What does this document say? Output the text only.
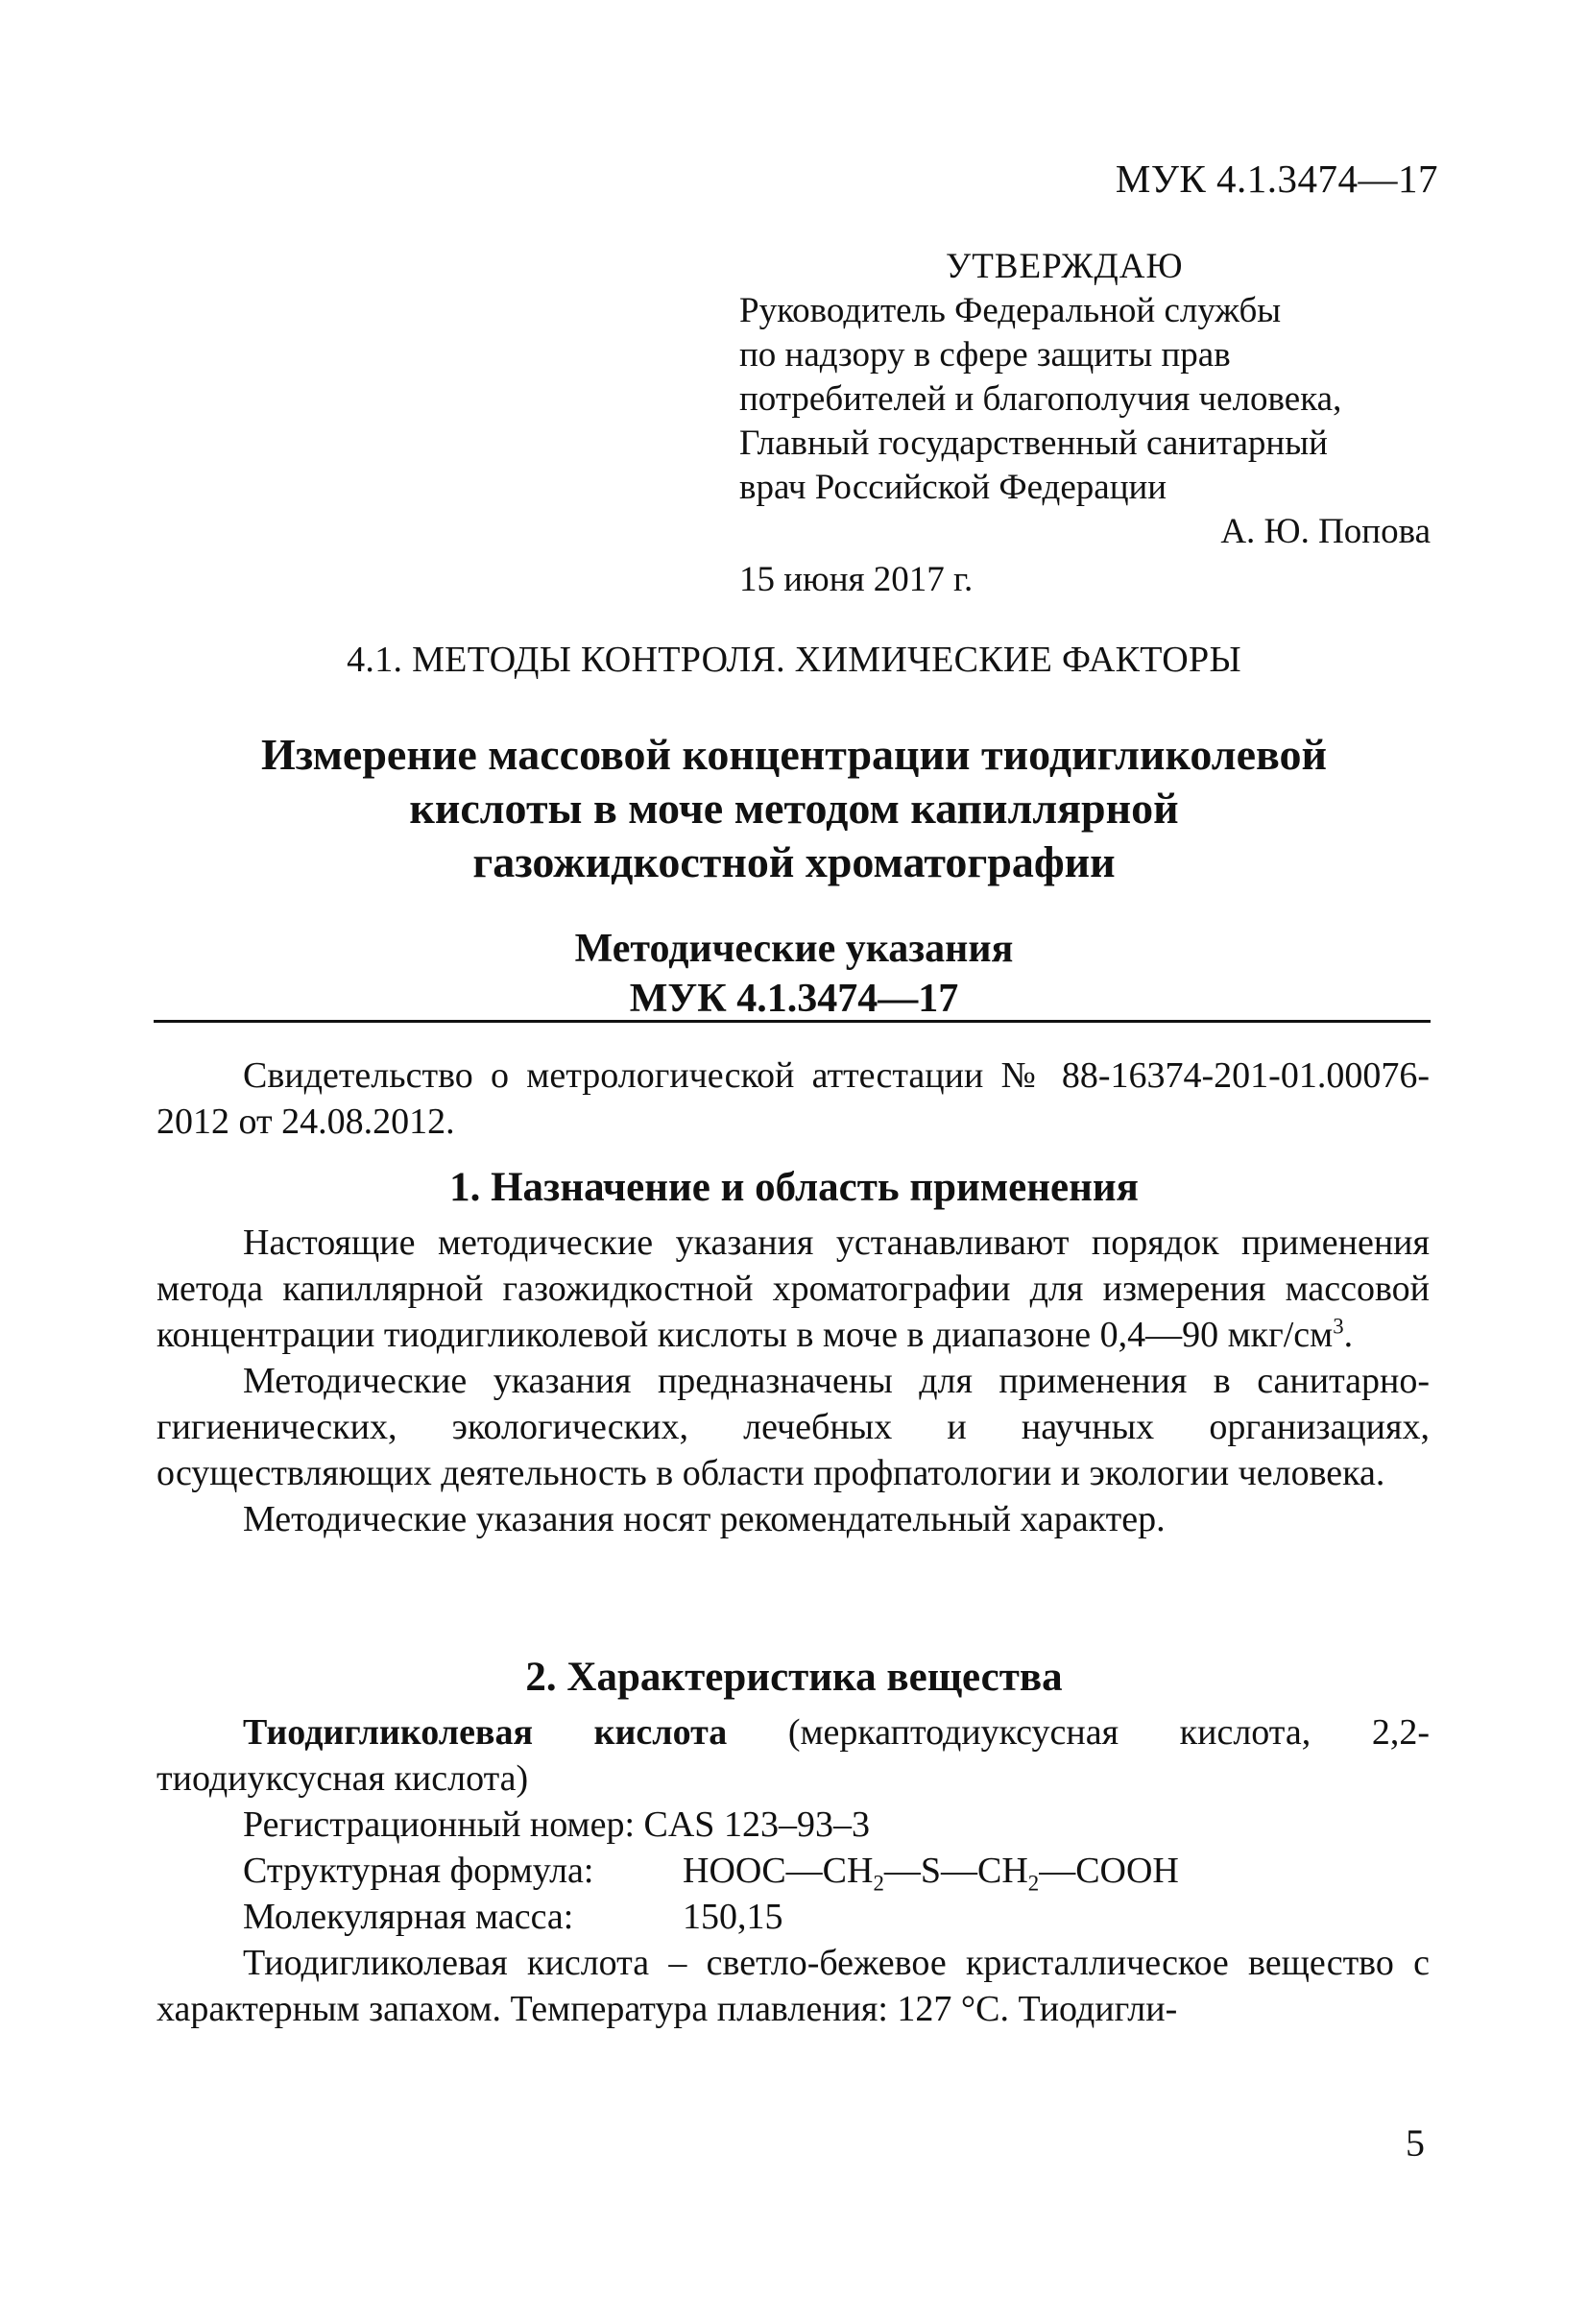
МУК 4.1.3474—17
УТВЕРЖДАЮ
Руководитель Федеральной службы
по надзору в сфере защиты прав
потребителей и благополучия человека,
Главный государственный санитарный
врач Российской Федерации
А. Ю. Попова
15 июня 2017 г.
4.1. МЕТОДЫ КОНТРОЛЯ. ХИМИЧЕСКИЕ ФАКТОРЫ
Измерение массовой концентрации тиодигликолевой
кислоты в моче методом капиллярной
газожидкостной хроматографии
Методические указания
МУК 4.1.3474—17

Свидетельство о метрологической аттестации № 88-16374-201-01.00076-2012 от 24.08.2012.

1. Назначение и область применения

Настоящие методические указания устанавливают порядок применения метода капиллярной газожидкостной хроматографии для измерения массовой концентрации тиодигликолевой кислоты в моче в диапазоне 0,4—90 мкг/$см^3$.

Методические указания предназначены для применения в санитарно-гигиенических, экологических, лечебных и научных организациях, осуществляющих деятельность в области профпатологии и экологии человека.

Методические указания носят рекомендательный характер.

2. Характеристика вещества

Тиодигликолевая кислота (меркаптодиуксусная кислота, 2,2-тиодиуксусная кислота)

Регистрационный номер: CAS 123–93–3
Структурная формула:	$HOOC—CH_2—S—CH_2—COOH$
Молекулярная масса:	150,15

Тиодигликолевая кислота – светло-бежевое кристаллическое вещество с характерным запахом. Температура плавления: 127 °С. Тиодигли-

5
